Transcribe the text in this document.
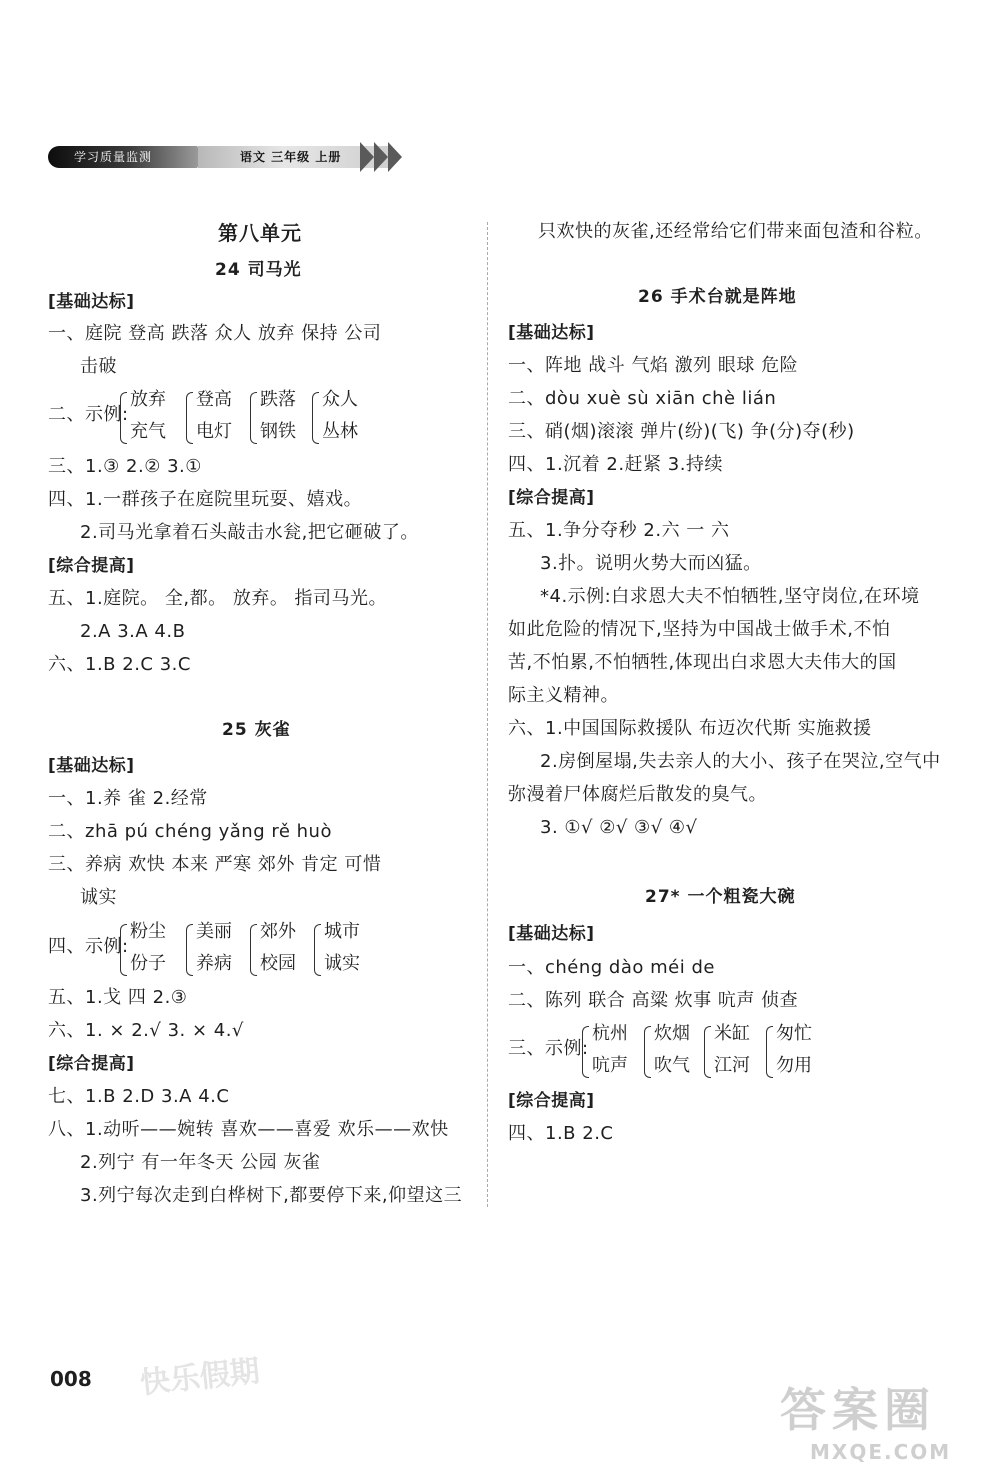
学习质量监测	语文 三年级 上册
第八单元
24 司马光
[基础达标]
一、庭院 登高 跌落 众人 放弃 保持 公司
击破
二、示例:
放弃
充气
登高
电灯
跌落
钢铁
众人
丛林
三、1.③ 2.② 3.①
四、1.一群孩子在庭院里玩耍、嬉戏。
2.司马光拿着石头敲击水瓮,把它砸破了。
[综合提高]
五、1.庭院。 全,都。 放弃。 指司马光。
2.A 3.A 4.B
六、1.B 2.C 3.C
25 灰雀
[基础达标]
一、1.养 雀 2.经常
二、zhā pú chéng yǎng rě huò
三、养病 欢快 本来 严寒 郊外 肯定 可惜
诚实
四、示例:
粉尘
份子
美丽
养病
郊外
校园
城市
诚实
五、1.戈 四 2.③
六、1. × 2.√ 3. × 4.√
[综合提高]
七、1.B 2.D 3.A 4.C
八、1.动听——婉转 喜欢——喜爱 欢乐——欢快
2.列宁 有一年冬天 公园 灰雀
3.列宁每次走到白桦树下,都要停下来,仰望这三
只欢快的灰雀,还经常给它们带来面包渣和谷粒。
26 手术台就是阵地
[基础达标]
一、阵地 战斗 气焰 激列 眼球 危险
二、dòu xuè sù xiān chè lián
三、硝(烟)滚滚 弹片(纷)(飞) 争(分)夺(秒)
四、1.沉着 2.赶紧 3.持续
[综合提高]
五、1.争分夺秒 2.六 一 六
3.扑。说明火势大而凶猛。
*4.示例:白求恩大夫不怕牺牲,坚守岗位,在环境
如此危险的情况下,坚持为中国战士做手术,不怕
苦,不怕累,不怕牺牲,体现出白求恩大夫伟大的国
际主义精神。
六、1.中国国际救援队 布迈次代斯 实施救援
2.房倒屋塌,失去亲人的大小、孩子在哭泣,空气中
弥漫着尸体腐烂后散发的臭气。
3. ①√ ②√ ③√ ④√
27* 一个粗瓷大碗
[基础达标]
一、chéng dào méi de
二、陈列 联合 高粱 炊事 吭声 侦查
三、示例:
杭州
吭声
炊烟
吹气
米缸
江河
匆忙
勿用
[综合提高]
四、1.B 2.C
008 快乐假期
答案圈
MXQE.COM
